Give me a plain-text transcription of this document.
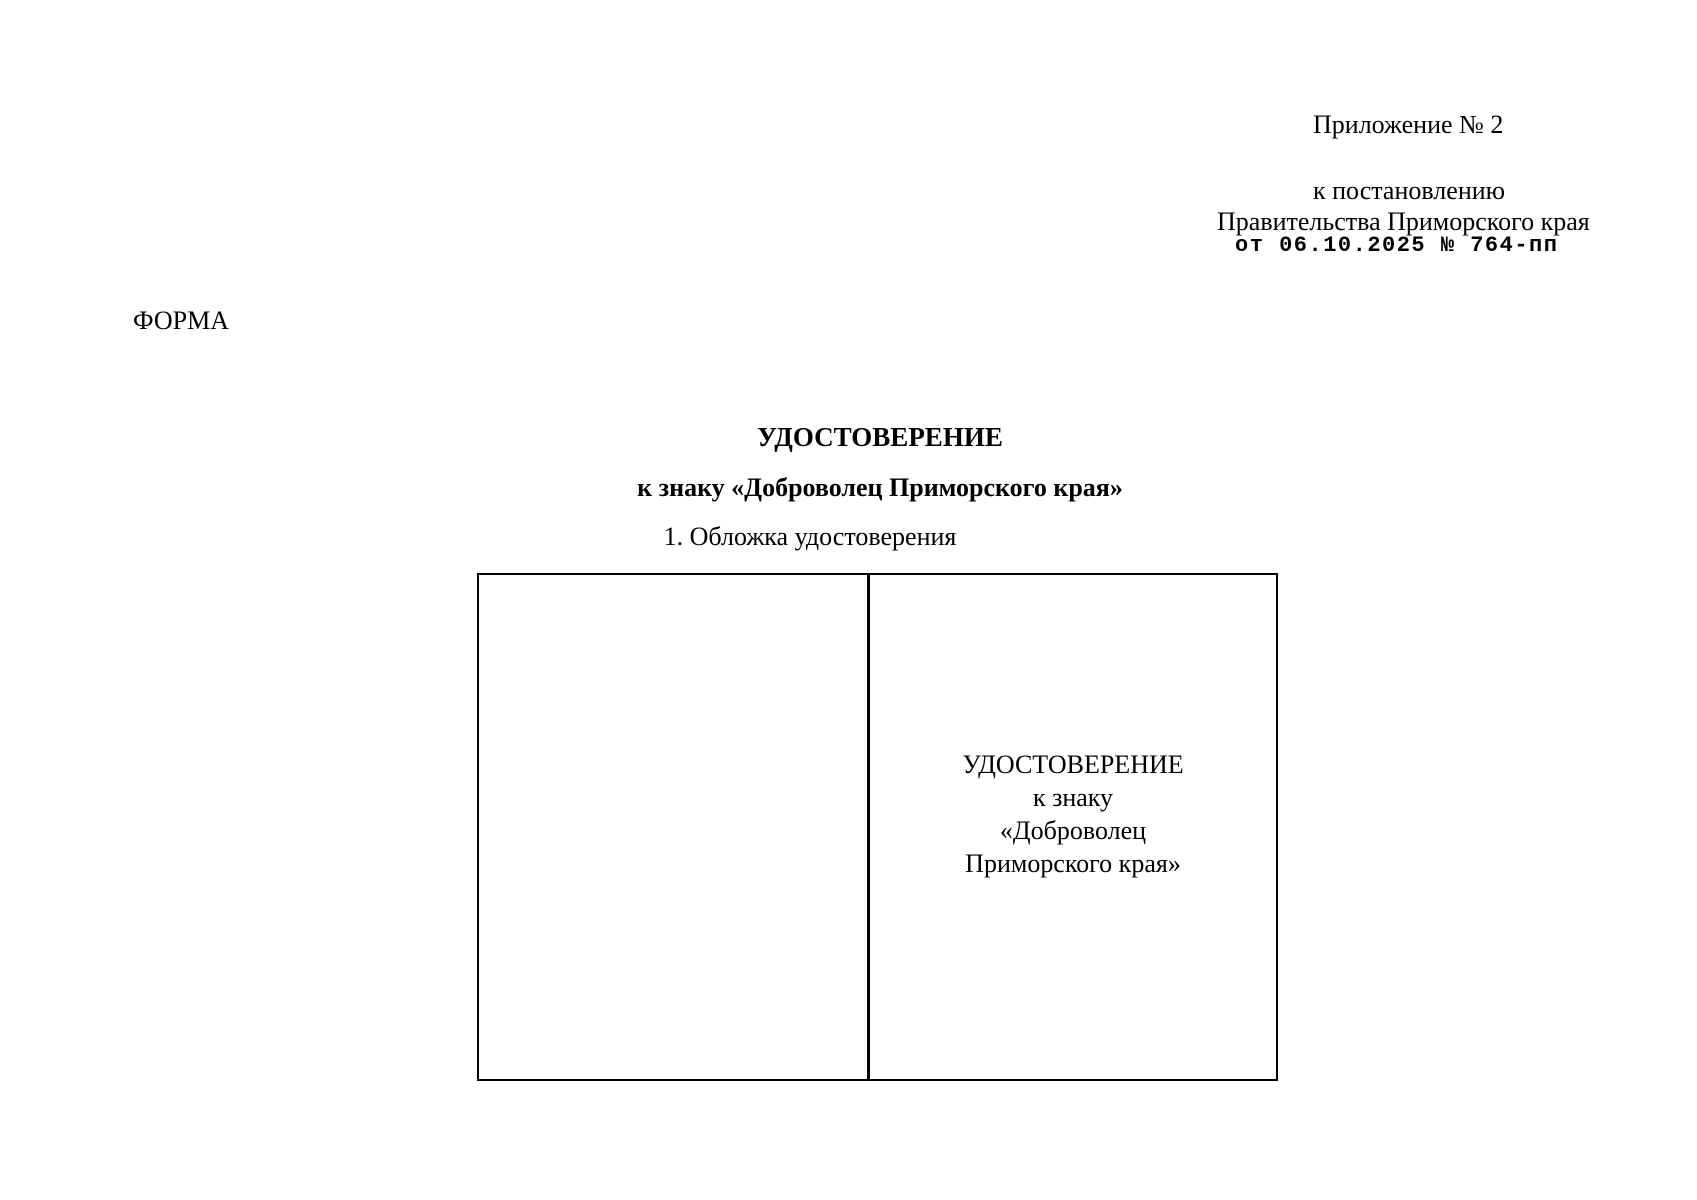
Приложение № 2
к постановлению
Правительства Приморского края
от 06.10.2025 № 764-пп
ФОРМА
УДОСТОВЕРЕНИЕ
к знаку «Доброволец Приморского края»
1. Обложка удостоверения
УДОСТОВЕРЕНИЕ
к знаку
«Доброволец
Приморского края»
